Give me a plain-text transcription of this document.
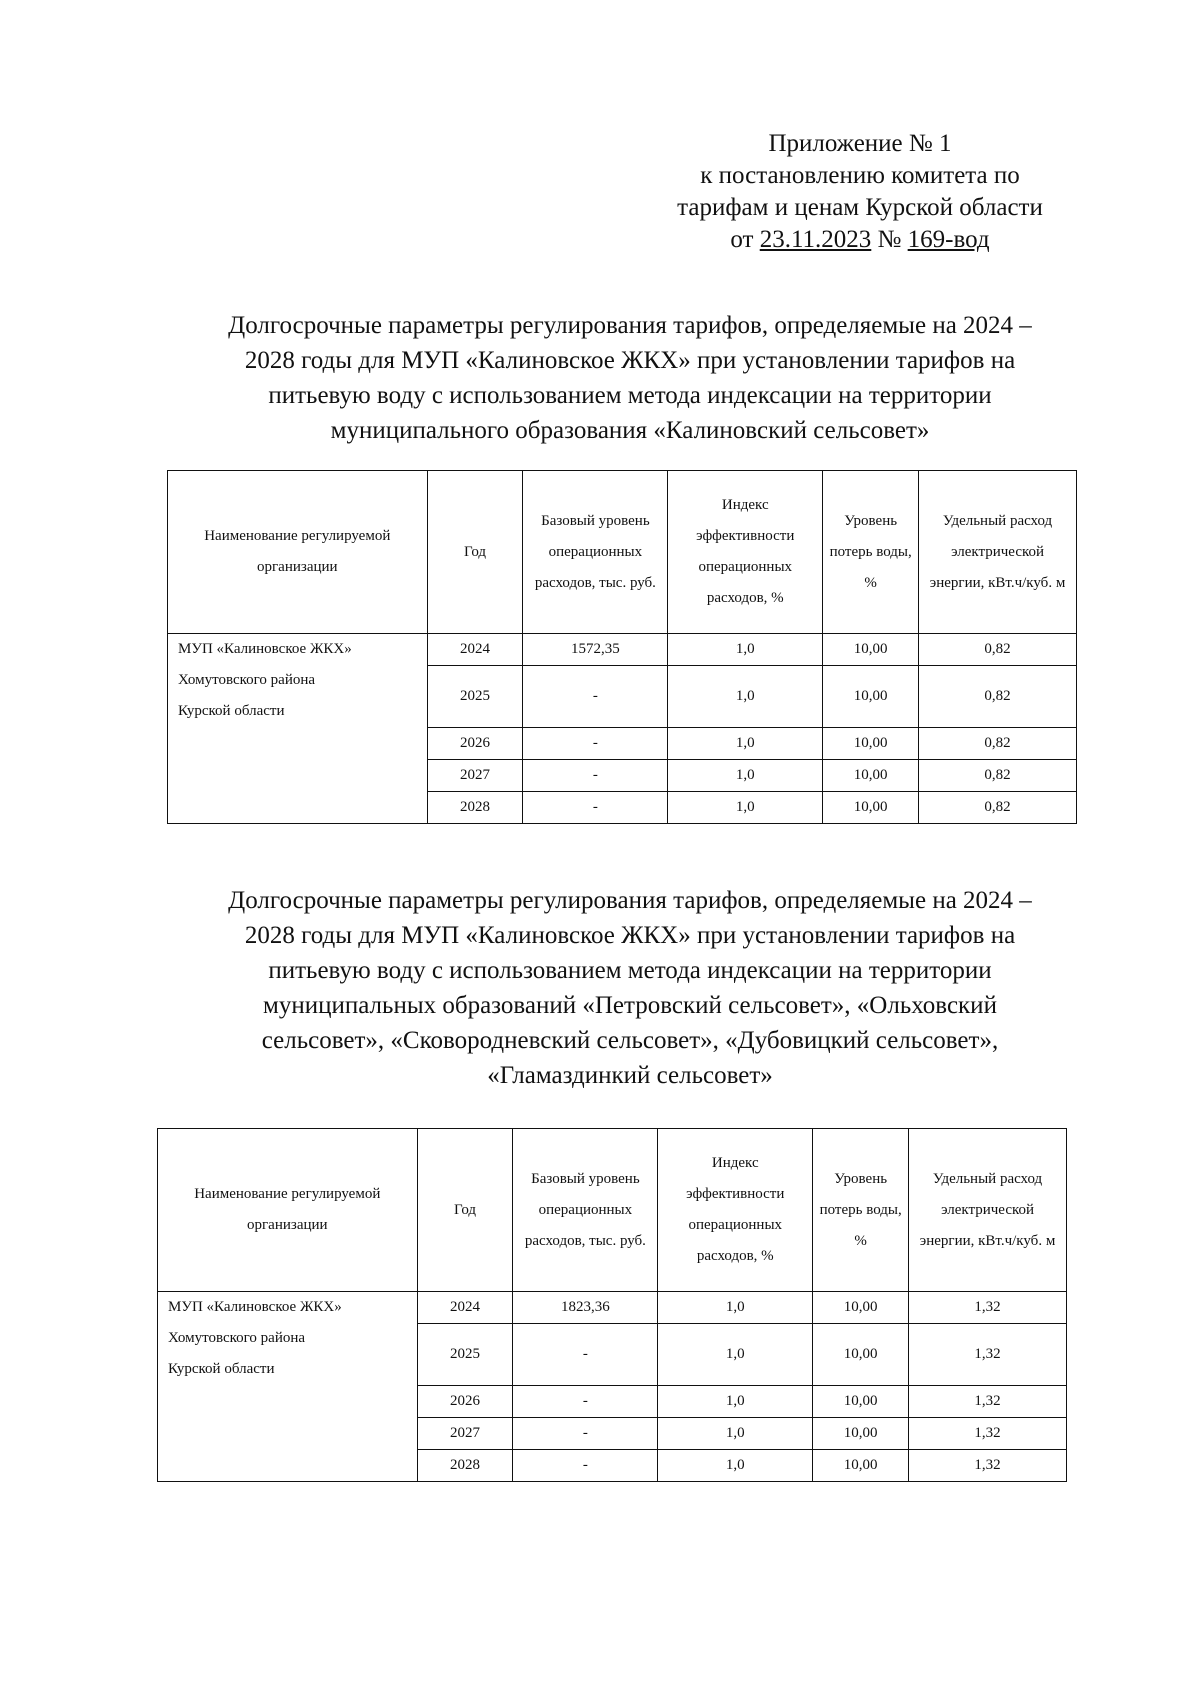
Приложение № 1
к постановлению комитета по
тарифам и ценам Курской области
от 23.11.2023 № 169-вод
Долгосрочные параметры регулирования тарифов, определяемые на 2024 –
2028 годы для МУП «Калиновское ЖКХ» при установлении тарифов на
питьевую воду с использованием метода индексации на территории
муниципального образования «Калиновский сельсовет»
Наименование регулируемой организации	Год	Базовый уровень операционных расходов, тыс. руб.	Индекс эффективности операционных расходов, %	Уровень потерь воды, %	Удельный расход электрической энергии, кВт.ч/куб. м

МУП «Калиновское ЖКХ»
Хомутовского района
Курской области	2024	1572,35	1,0	10,00	0,82
	2025	-	1,0	10,00	0,82
	2026	-	1,0	10,00	0,82
	2027	-	1,0	10,00	0,82
	2028	-	1,0	10,00	0,82
Долгосрочные параметры регулирования тарифов, определяемые на 2024 –
2028 годы для МУП «Калиновское ЖКХ» при установлении тарифов на
питьевую воду с использованием метода индексации на территории
муниципальных образований «Петровский сельсовет», «Ольховский
сельсовет», «Сковородневский сельсовет», «Дубовицкий сельсовет»,
«Гламаздинкий сельсовет»
Наименование регулируемой организации	Год	Базовый уровень операционных расходов, тыс. руб.	Индекс эффективности операционных расходов, %	Уровень потерь воды, %	Удельный расход электрической энергии, кВт.ч/куб. м

МУП «Калиновское ЖКХ»
Хомутовского района
Курской области	2024	1823,36	1,0	10,00	1,32
	2025	-	1,0	10,00	1,32
	2026	-	1,0	10,00	1,32
	2027	-	1,0	10,00	1,32
	2028	-	1,0	10,00	1,32
